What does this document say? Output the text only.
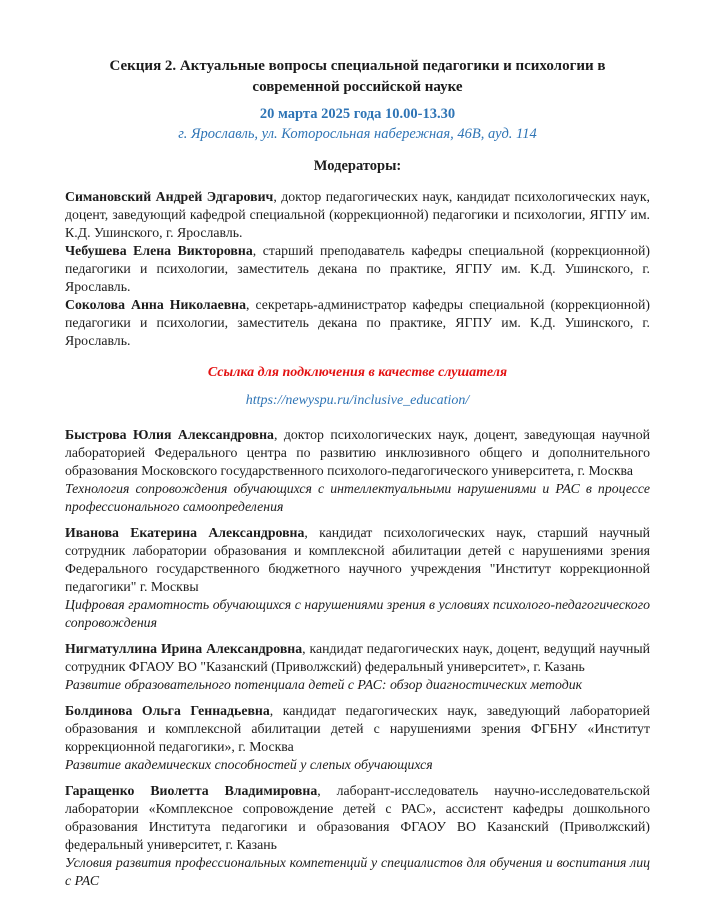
Секция 2. Актуальные вопросы специальной педагогики и психологии в современной российской науке

20 марта 2025 года 10.00-13.30

г. Ярославль, ул. Которосльная набережная, 46В, ауд. 114

Модераторы:

Симановский Андрей Эдгарович, доктор педагогических наук, кандидат психологических наук, доцент, заведующий кафедрой специальной (коррекционной) педагогики и психологии, ЯГПУ им. К.Д. Ушинского, г. Ярославль.

Чебушева Елена Викторовна, старший преподаватель кафедры специальной (коррекционной) педагогики и психологии, заместитель декана по практике, ЯГПУ им. К.Д. Ушинского, г. Ярославль.

Соколова Анна Николаевна, секретарь-администратор кафедры специальной (коррекционной) педагогики и психологии, заместитель декана по практике, ЯГПУ им. К.Д. Ушинского, г. Ярославль.

Ссылка для подключения в качестве слушателя

https://newyspu.ru/inclusive_education/

Быстрова Юлия Александровна, доктор психологических наук, доцент, заведующая научной лабораторией Федерального центра по развитию инклюзивного общего и дополнительного образования Московского государственного психолого-педагогического университета, г. Москва

Технология сопровождения обучающихся с интеллектуальными нарушениями и РАС в процессе профессионального самоопределения

Иванова Екатерина Александровна, кандидат психологических наук, старший научный сотрудник лаборатории образования и комплексной абилитации детей с нарушениями зрения Федерального государственного бюджетного научного учреждения "Институт коррекционной педагогики" г. Москвы

Цифровая грамотность обучающихся с нарушениями зрения в условиях психолого-педагогического сопровождения

Нигматуллина Ирина Александровна, кандидат педагогических наук, доцент, ведущий научный сотрудник ФГАОУ ВО "Казанский (Приволжский) федеральный университет», г. Казань

Развитие образовательного потенциала детей с РАС: обзор диагностических методик

Болдинова Ольга Геннадьевна, кандидат педагогических наук, заведующий лабораторией образования и комплексной абилитации детей с нарушениями зрения ФГБНУ «Институт коррекционной педагогики», г. Москва

Развитие академических способностей у слепых обучающихся

Гаращенко Виолетта Владимировна, лаборант-исследователь научно-исследовательской лаборатории «Комплексное сопровождение детей с РАС», ассистент кафедры дошкольного образования Института педагогики и образования ФГАОУ ВО Казанский (Приволжский) федеральный университет, г. Казань

Условия развития профессиональных компетенций у специалистов для обучения и воспитания лиц с РАС
